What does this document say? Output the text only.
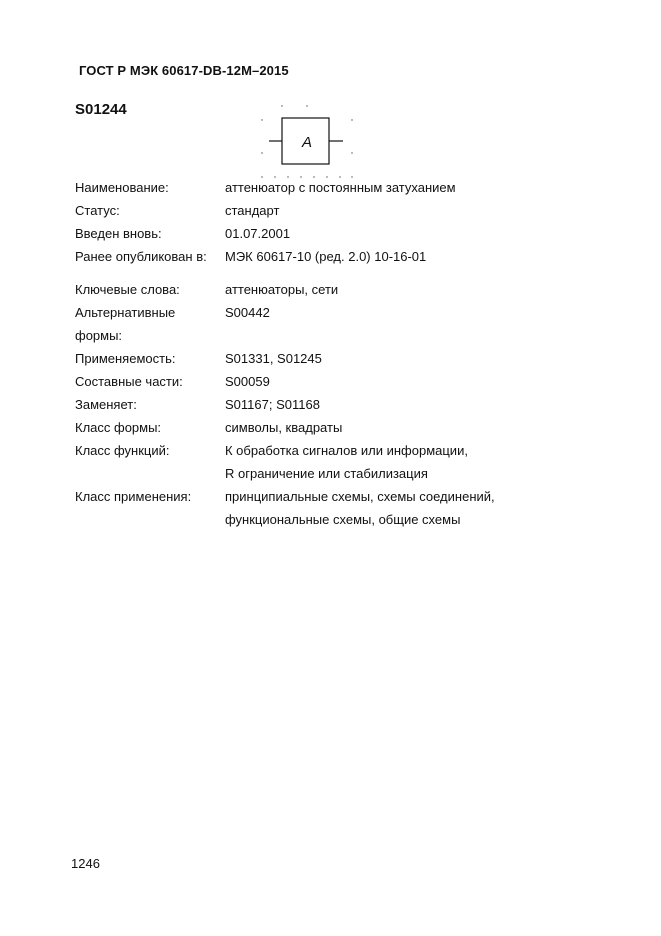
ГОСТ Р МЭК 60617-DB-12M–2015
S01244
A
Наименование:	аттенюатор с постоянным затуханием
Статус:	стандарт
Введен вновь:	01.07.2001
Ранее опубликован в: МЭК 60617-10 (ред. 2.0) 10-16-01
Ключевые слова:	аттенюаторы, сети
Альтернативные	S00442
формы:
Применяемость:	S01331, S01245
Составные части:	S00059
Заменяет:	S01167; S01168
Класс формы:	символы, квадраты
Класс функций:	К обработка сигналов или информации,
R ограничение или стабилизация
Класс применения:	принципиальные схемы, схемы соединений,
функциональные схемы, общие схемы
1246
